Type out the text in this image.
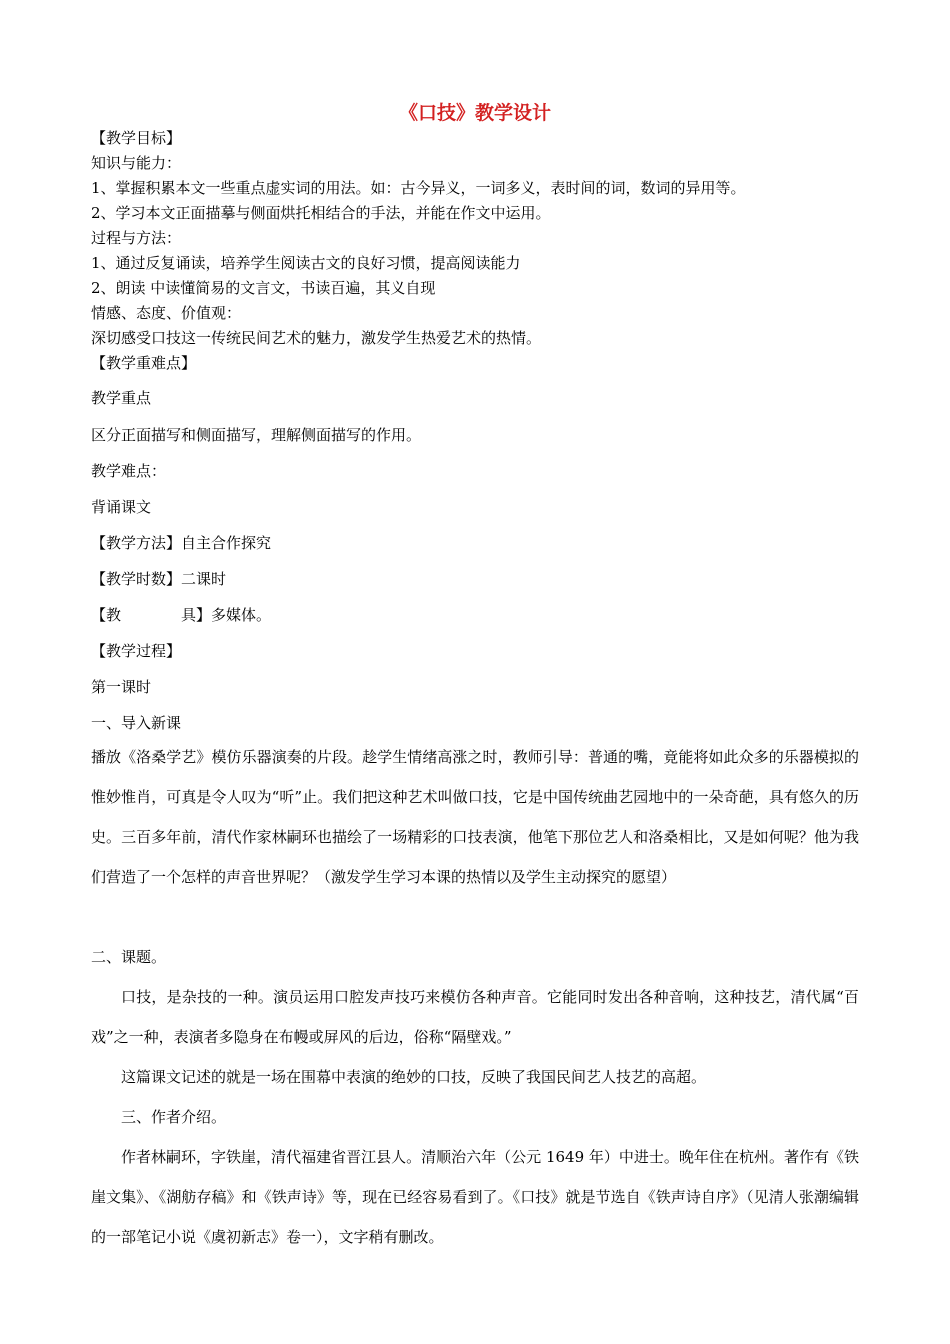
《口技》教学设计
【教学目标】
知识与能力：
1、掌握积累本文一些重点虚实词的用法。如：古今异义，一词多义，表时间的词，数词的异用等。
2、学习本文正面描摹与侧面烘托相结合的手法，并能在作文中运用。
过程与方法：
1、通过反复诵读，培养学生阅读古文的良好习惯，提高阅读能力
2、朗读 中读懂简易的文言文，书读百遍，其义自现
情感、态度、价值观：
深切感受口技这一传统民间艺术的魅力，激发学生热爱艺术的热情。
【教学重难点】
教学重点
区分正面描写和侧面描写，理解侧面描写的作用。
教学难点：
背诵课文
【教学方法】自主合作探究
【教学时数】二课时
【教	具】多媒体。
【教学过程】
第一课时
一、导入新课
播放《洛桑学艺》模仿乐器演奏的片段。趁学生情绪高涨之时，教师引导：普通的嘴，竟能将如此众多的乐器模拟的惟妙惟肖，可真是令人叹为“听”止。我们把这种艺术叫做口技，它是中国传统曲艺园地中的一朵奇葩，具有悠久的历史。三百多年前，清代作家林嗣环也描绘了一场精彩的口技表演，他笔下那位艺人和洛桑相比，又是如何呢？他为我们营造了一个怎样的声音世界呢？（激发学生学习本课的热情以及学生主动探究的愿望）
二、课题。
口技，是杂技的一种。演员运用口腔发声技巧来模仿各种声音。它能同时发出各种音响，这种技艺，清代属“百戏”之一种，表演者多隐身在布幔或屏风的后边，俗称“隔壁戏。”
这篇课文记述的就是一场在围幕中表演的绝妙的口技，反映了我国民间艺人技艺的高超。
三、作者介绍。
作者林嗣环，字铁崖，清代福建省晋江县人。清顺治六年（公元 1649 年）中进士。晚年住在杭州。著作有《铁崖文集》、《湖舫存稿》和《铁声诗》等，现在已经容易看到了。《口技》就是节选自《铁声诗自序》（见清人张潮编辑的一部笔记小说《虞初新志》卷一），文字稍有删改。
